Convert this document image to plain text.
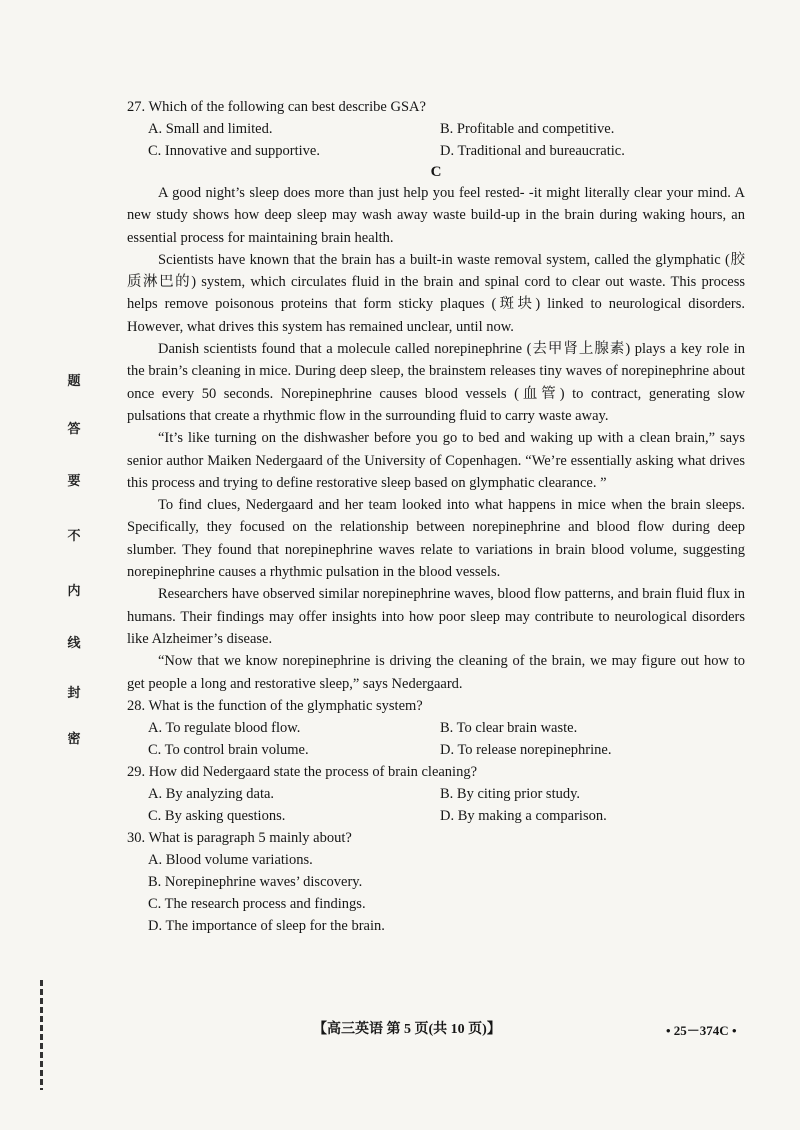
题
答
要
不
内
线
封
密

27. Which of the following can best describe GSA?

A. Small and limited.	B. Profitable and competitive.
C. Innovative and supportive.	D. Traditional and bureaucratic.
C

A good night’s sleep does more than just help you feel rested- -it might literally clear your mind. A new study shows how deep sleep may wash away waste build-up in the brain during waking hours, an essential process for maintaining brain health.

Scientists have known that the brain has a built-in waste removal system, called the glymphatic (胶质淋巴的) system, which circulates fluid in the brain and spinal cord to clear out waste. This process helps remove poisonous proteins that form sticky plaques (斑块) linked to neurological disorders. However, what drives this system has remained unclear, until now.

Danish scientists found that a molecule called norepinephrine (去甲肾上腺素) plays a key role in the brain’s cleaning in mice. During deep sleep, the brainstem releases tiny waves of norepinephrine about once every 50 seconds. Norepinephrine causes blood vessels (血管) to contract, generating slow pulsations that create a rhythmic flow in the surrounding fluid to carry waste away.

“It’s like turning on the dishwasher before you go to bed and waking up with a clean brain,” says senior author Maiken Nedergaard of the University of Copenhagen. “We’re essentially asking what drives this process and trying to define restorative sleep based on glymphatic clearance. ”

To find clues, Nedergaard and her team looked into what happens in mice when the brain sleeps. Specifically, they focused on the relationship between norepinephrine and blood flow during deep slumber. They found that norepinephrine waves relate to variations in brain blood volume, suggesting norepinephrine causes a rhythmic pulsation in the blood vessels.

Researchers have observed similar norepinephrine waves, blood flow patterns, and brain fluid flux in humans. Their findings may offer insights into how poor sleep may contribute to neurological disorders like Alzheimer’s disease.

“Now that we know norepinephrine is driving the cleaning of the brain, we may figure out how to get people a long and restorative sleep,” says Nedergaard.

28. What is the function of the glymphatic system?

A. To regulate blood flow.	B. To clear brain waste.
C. To control brain volume.	D. To release norepinephrine.

29. How did Nedergaard state the process of brain cleaning?

A. By analyzing data.	B. By citing prior study.
C. By asking questions.	D. By making a comparison.

30. What is paragraph 5 mainly about?

A. Blood volume variations.
B. Norepinephrine waves’ discovery.
C. The research process and findings.
D. The importance of sleep for the brain.
【高三英语 第 5 页(共 10 页)】	• 25－374C •
